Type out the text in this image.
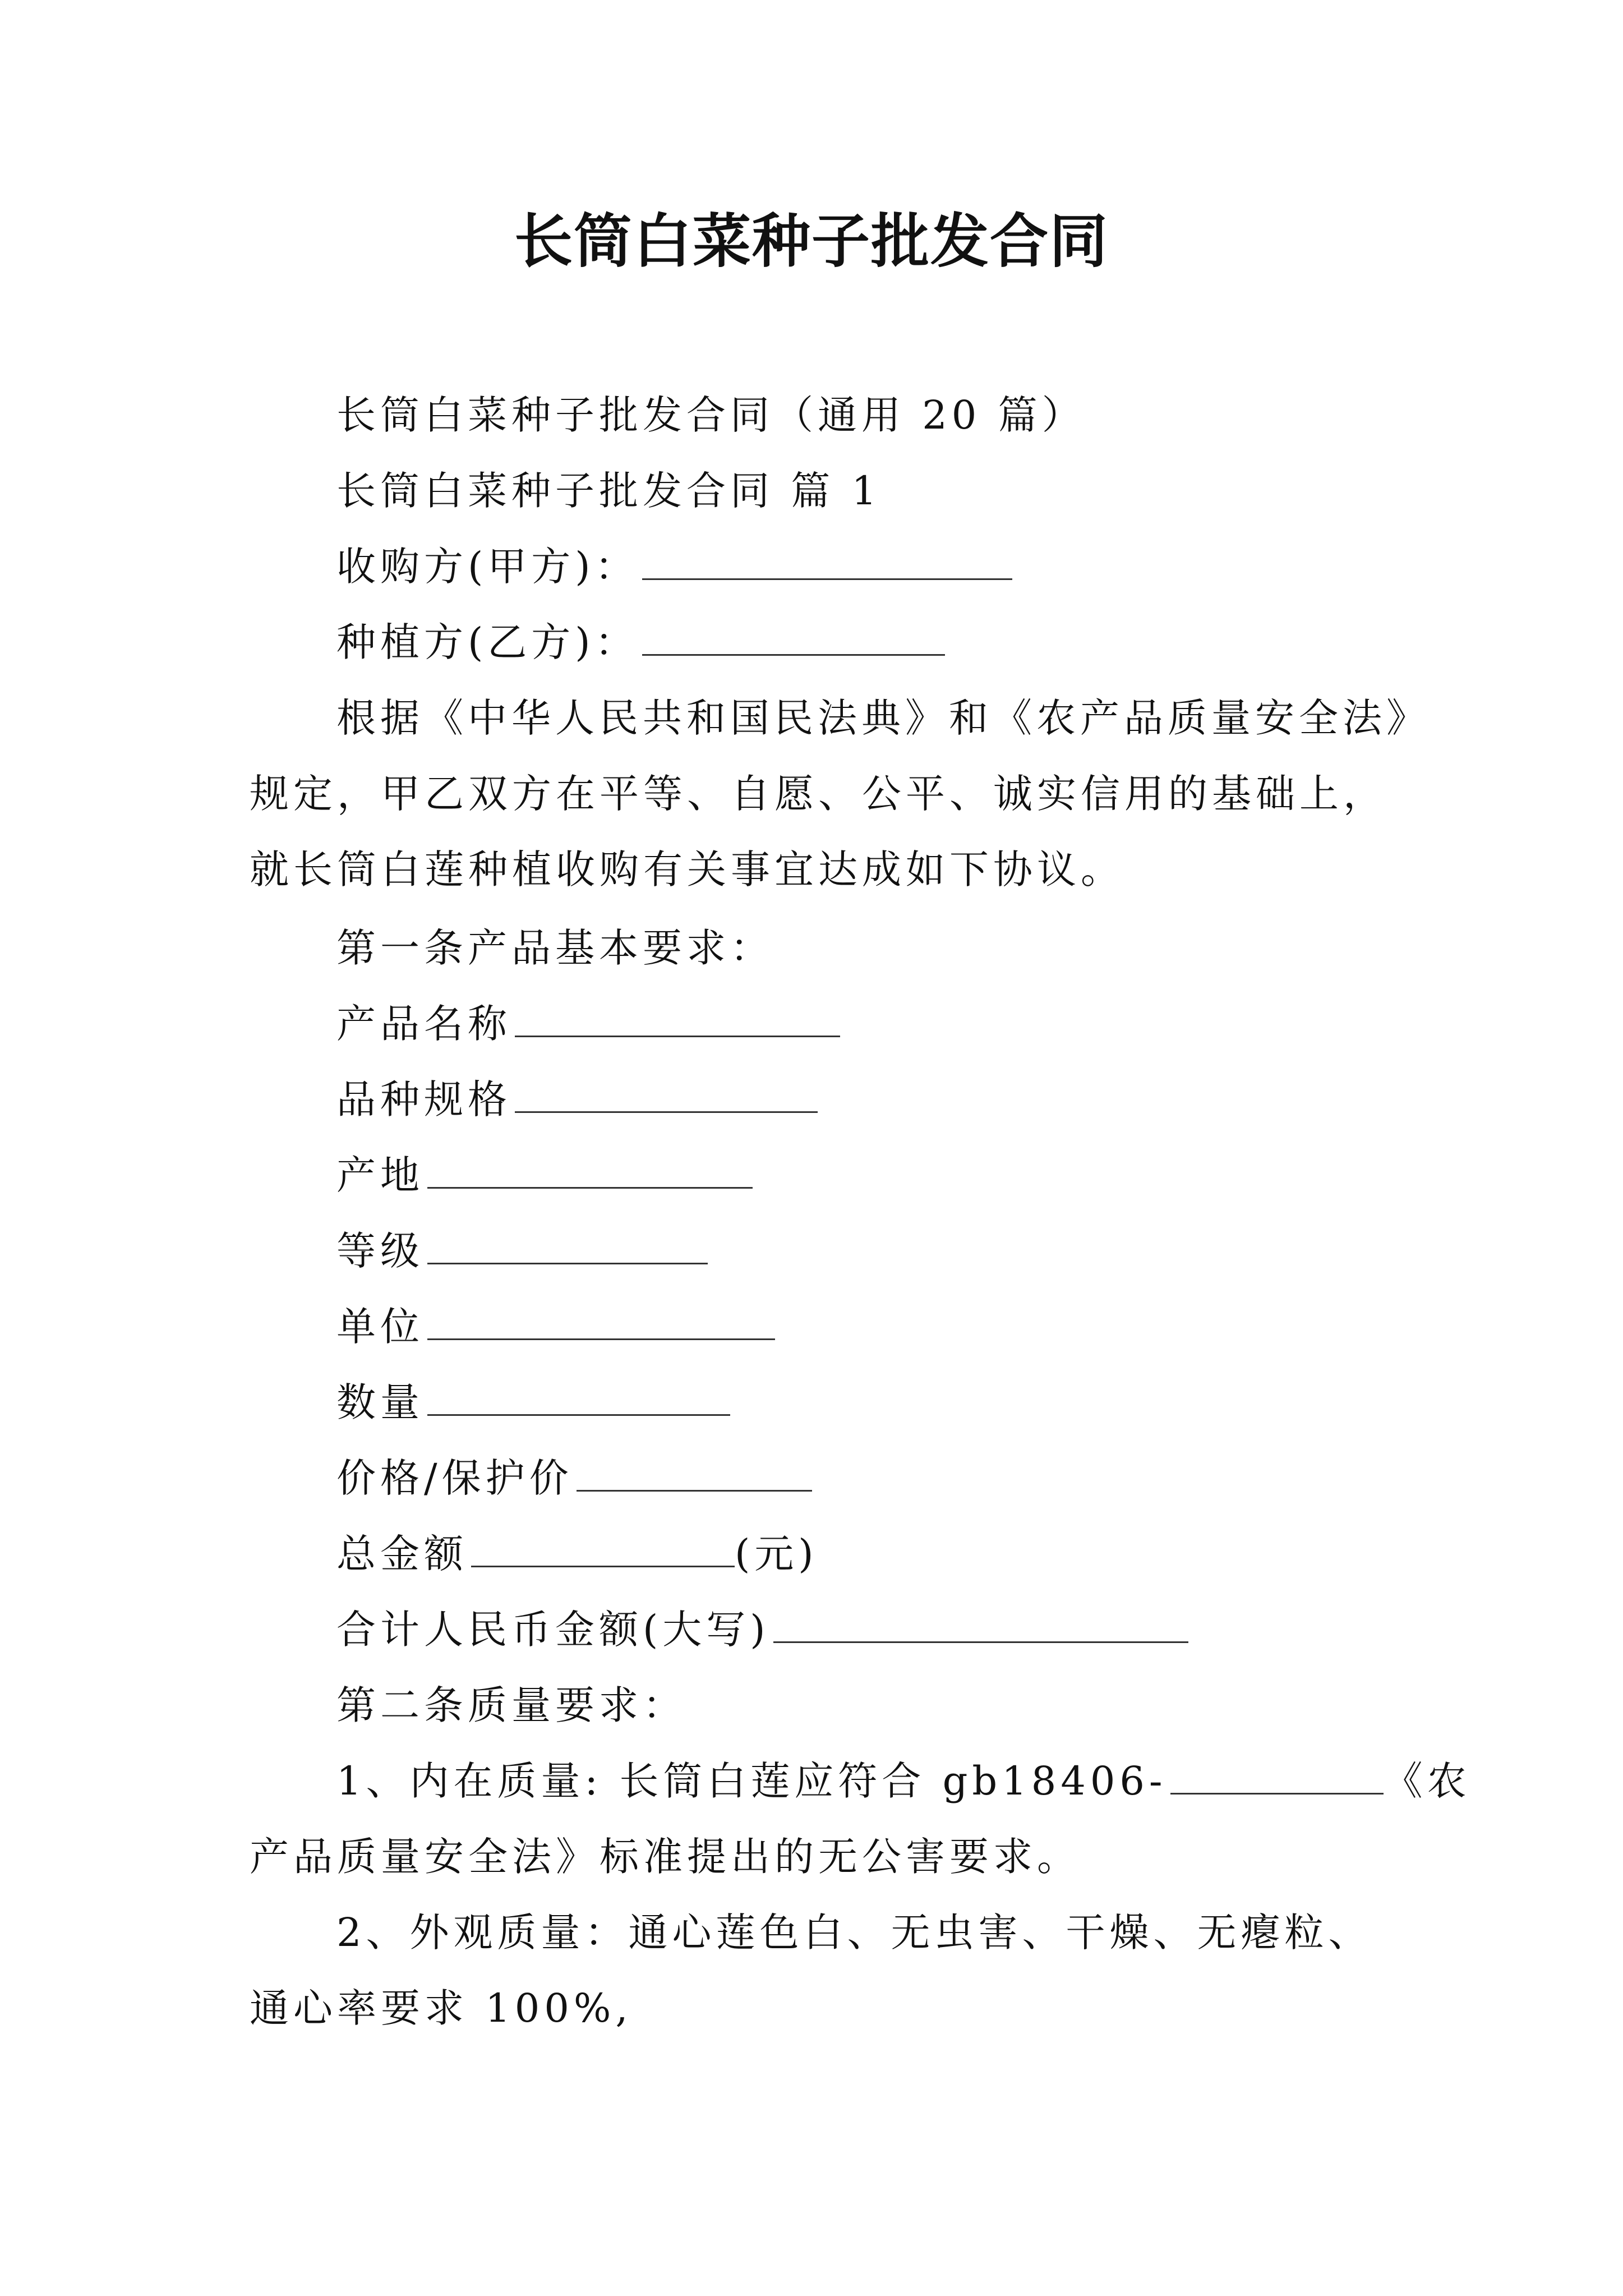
长筒白菜种子批发合同
长筒白菜种子批发合同（通用 20 篇）
长筒白菜种子批发合同 篇 1
收购方(甲方)：
种植方(乙方)：
根据《中华人民共和国民法典》和《农产品质量安全法》
规定，甲乙双方在平等、自愿、公平、诚实信用的基础上，
就长筒白莲种植收购有关事宜达成如下协议。
第一条产品基本要求：
产品名称
品种规格
产地
等级
单位
数量
价格/保护价
总金额	(元)
合计人民币金额(大写)
第二条质量要求：
1、内在质量: 长筒白莲应符合 gb18406-	《农
产品质量安全法》标准提出的无公害要求。
2、外观质量：通心莲色白、无虫害、干燥、无瘪粒、
通心率要求 100%,
